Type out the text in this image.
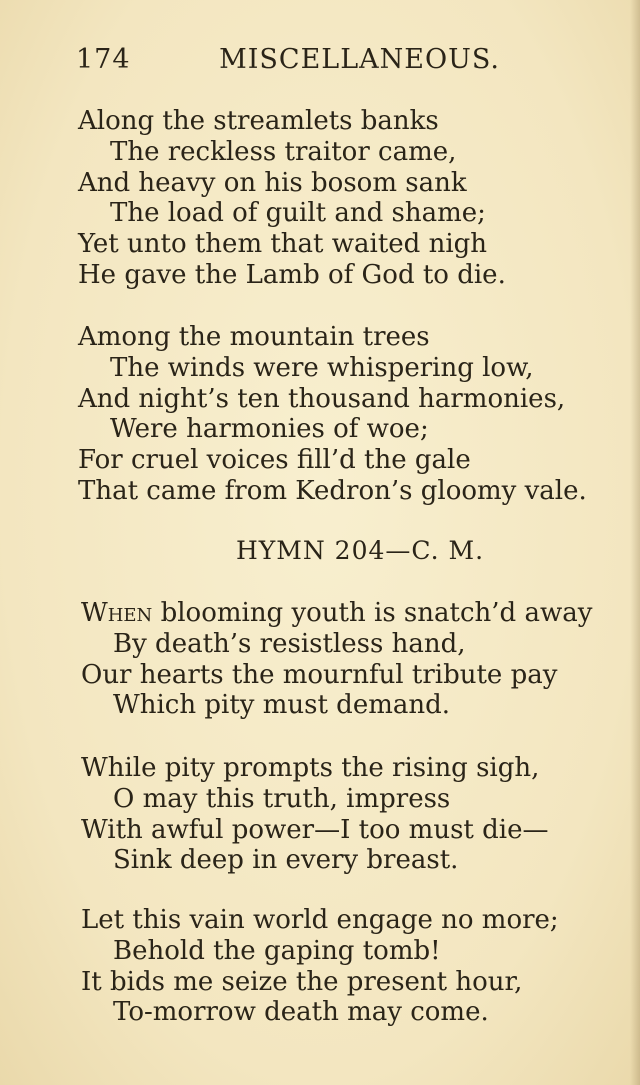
174	MISCELLANEOUS.
Along the streamlets banks
The reckless traitor came,
And heavy on his bosom sank
The load of guilt and shame;
Yet unto them that waited nigh
He gave the Lamb of God to die.
Among the mountain trees
The winds were whispering low,
And night’s ten thousand harmonies,
Were harmonies of woe;
For cruel voices fill’d the gale
That came from Kedron’s gloomy vale.
HYMN 204—C. M.
When blooming youth is snatch’d away
By death’s resistless hand,
Our hearts the mournful tribute pay
Which pity must demand.
While pity prompts the rising sigh,
O may this truth, impress
With awful power—I too must die—
Sink deep in every breast.
Let this vain world engage no more;
Behold the gaping tomb!
It bids me seize the present hour,
To-morrow death may come.
